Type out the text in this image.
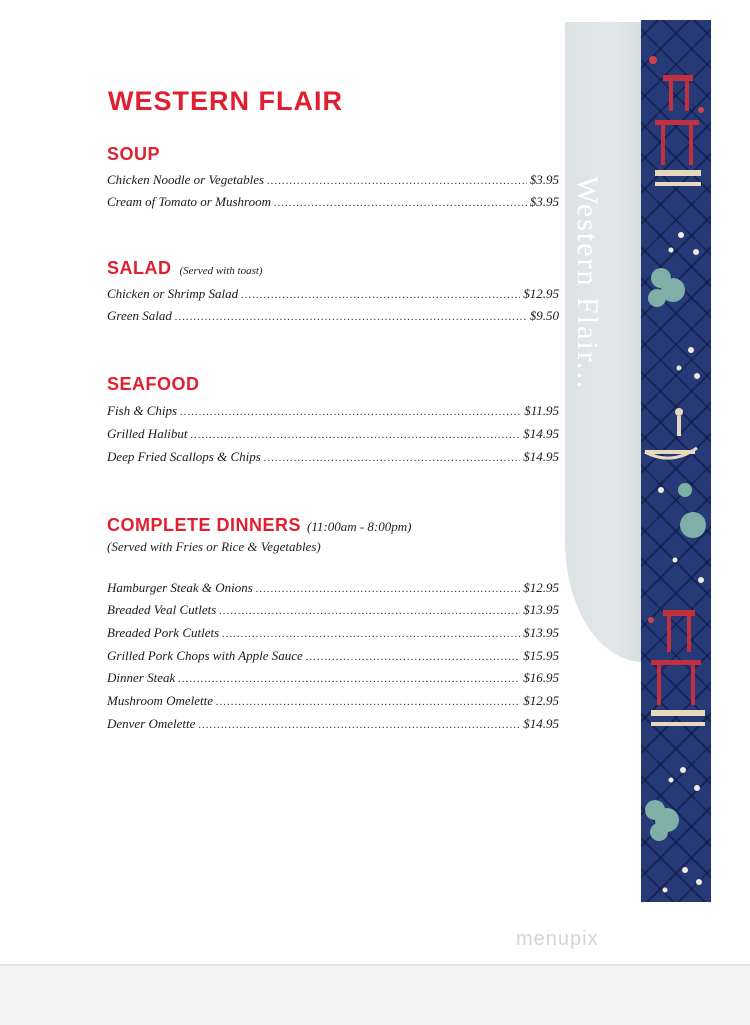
Western Flair...
WESTERN FLAIR
SOUP
Chicken Noodle or Vegetables .....	$3.95
Cream of Tomato or Mushroom .....	$3.95
SALAD (Served with toast)
Chicken or Shrimp Salad .....	$12.95
Green Salad .....	$9.50
SEAFOOD
Fish & Chips .....	$11.95
Grilled Halibut .....	$14.95
Deep Fried Scallops & Chips .....	$14.95
COMPLETE DINNERS (11:00am - 8:00pm)
(Served with Fries or Rice & Vegetables)
Hamburger Steak & Onions .....	$12.95
Breaded Veal Cutlets .....	$13.95
Breaded Pork Cutlets .....	$13.95
Grilled Pork Chops with Apple Sauce .....	$15.95
Dinner Steak .....	$16.95
Mushroom Omelette .....	$12.95
Denver Omelette .....	$14.95
menupix
